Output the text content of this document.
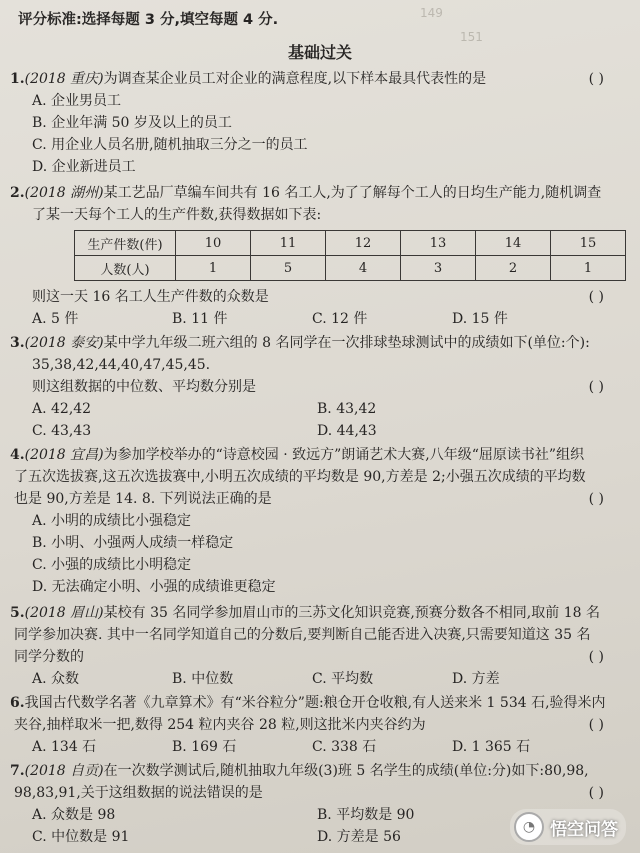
149
151
评分标准:选择每题 3 分,填空每题 4 分.
基础过关
1.(2018 重庆)为调查某企业员工对企业的满意程度,以下样本最具代表性的是	( )
A. 企业男员工
B. 企业年满 50 岁及以上的员工
C. 用企业人员名册,随机抽取三分之一的员工
D. 企业新进员工
2.(2018 湖州)某工艺品厂草编车间共有 16 名工人,为了了解每个工人的日均生产能力,随机调查
了某一天每个工人的生产件数,获得数据如下表:
生产件数(件)	10	11	12	13	14	15
人数(人)	1	5	4	3	2	1
则这一天 16 名工人生产件数的众数是	( )
A. 5 件	B. 11 件	C. 12 件	D. 15 件
3.(2018 泰安)某中学九年级二班六组的 8 名同学在一次排球垫球测试中的成绩如下(单位:个):
35,38,42,44,40,47,45,45.
则这组数据的中位数、平均数分别是	( )
A. 42,42	B. 43,42
C. 43,43	D. 44,43
4.(2018 宜昌)为参加学校举办的“诗意校园 · 致远方”朗诵艺术大赛,八年级“屈原读书社”组织
了五次选拔赛,这五次选拔赛中,小明五次成绩的平均数是 90,方差是 2;小强五次成绩的平均数
也是 90,方差是 14. 8. 下列说法正确的是	( )
A. 小明的成绩比小强稳定
B. 小明、小强两人成绩一样稳定
C. 小强的成绩比小明稳定
D. 无法确定小明、小强的成绩谁更稳定
5.(2018 眉山)某校有 35 名同学参加眉山市的三苏文化知识竞赛,预赛分数各不相同,取前 18 名
同学参加决赛. 其中一名同学知道自己的分数后,要判断自己能否进入决赛,只需要知道这 35 名
同学分数的	( )
A. 众数	B. 中位数	C. 平均数	D. 方差
6.我国古代数学名著《九章算术》有“米谷粒分”题:粮仓开仓收粮,有人送来米 1 534 石,验得米内
夹谷,抽样取米一把,数得 254 粒内夹谷 28 粒,则这批米内夹谷约为	( )
A. 134 石	B. 169 石	C. 338 石	D. 1 365 石
7.(2018 自贡)在一次数学测试后,随机抽取九年级(3)班 5 名学生的成绩(单位:分)如下:80,98,
98,83,91,关于这组数据的说法错误的是	( )
A. 众数是 98	B. 平均数是 90
C. 中位数是 91	D. 方差是 56
◔ 悟空问答
